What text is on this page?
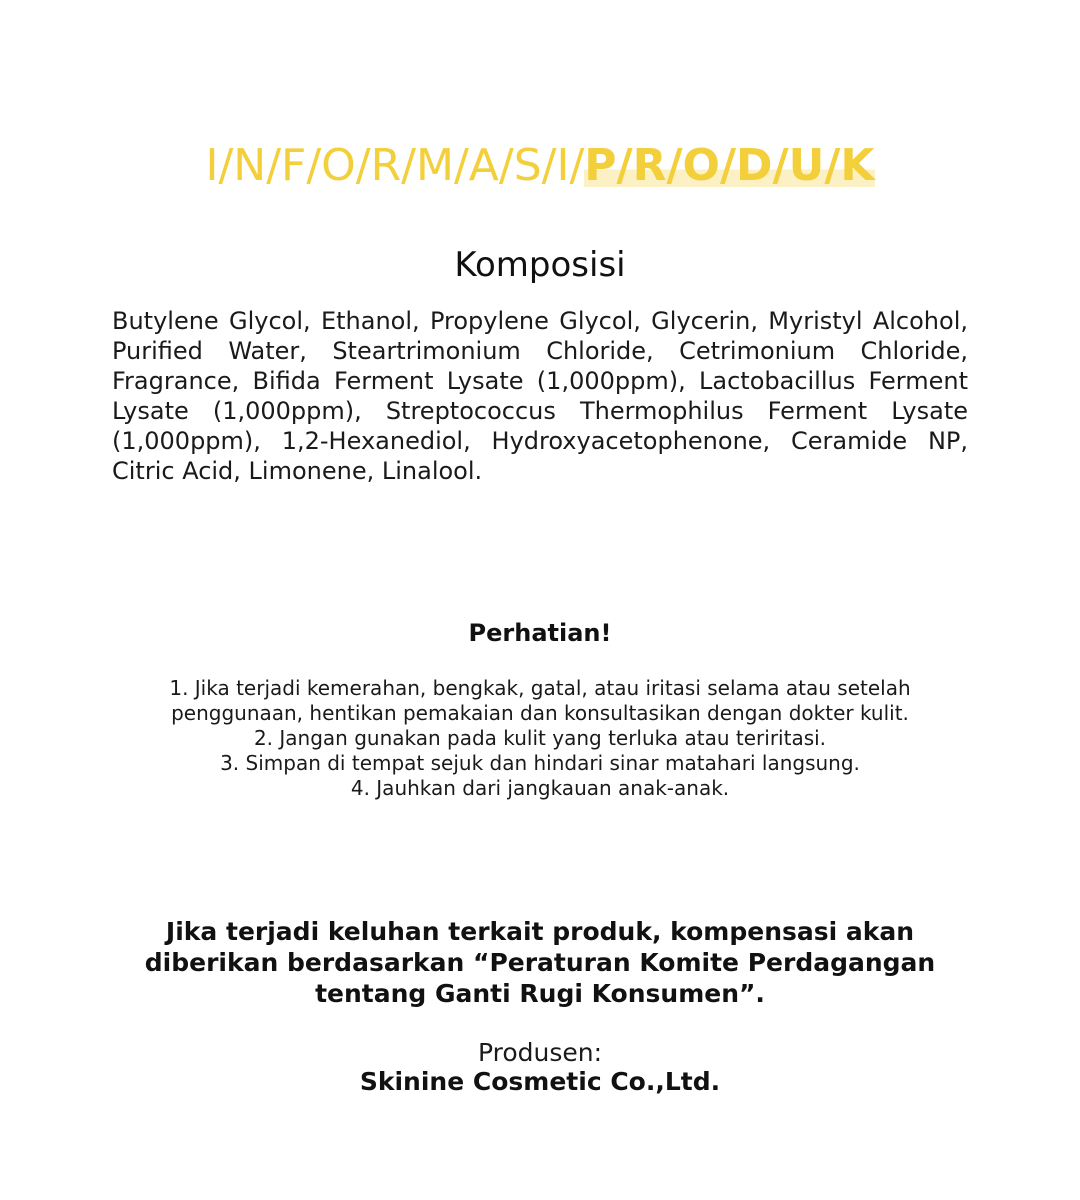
I/N/F/O/R/M/A/S/I/P/R/O/D/U/K
Komposisi

Butylene Glycol, Ethanol, Propylene Glycol, Glycerin, Myristyl Alcohol, Purified Water, Steartrimonium Chloride, Cetrimonium Chloride, Fragrance, Bifida Ferment Lysate (1,000ppm), Lactobacillus Ferment Lysate (1,000ppm), Streptococcus Thermophilus Ferment Lysate (1,000ppm), 1,2-Hexanediol, Hydroxyacetophenone, Ceramide NP, Citric Acid, Limonene, Linalool.

Perhatian!
1. Jika terjadi kemerahan, bengkak, gatal, atau iritasi selama atau setelah penggunaan, hentikan pemakaian dan konsultasikan dengan dokter kulit.
2. Jangan gunakan pada kulit yang terluka atau teriritasi.
3. Simpan di tempat sejuk dan hindari sinar matahari langsung.
4. Jauhkan dari jangkauan anak-anak.

Jika terjadi keluhan terkait produk, kompensasi akan diberikan berdasarkan “Peraturan Komite Perdagangan tentang Ganti Rugi Konsumen”.

Produsen:

Skinine Cosmetic Co.,Ltd.
